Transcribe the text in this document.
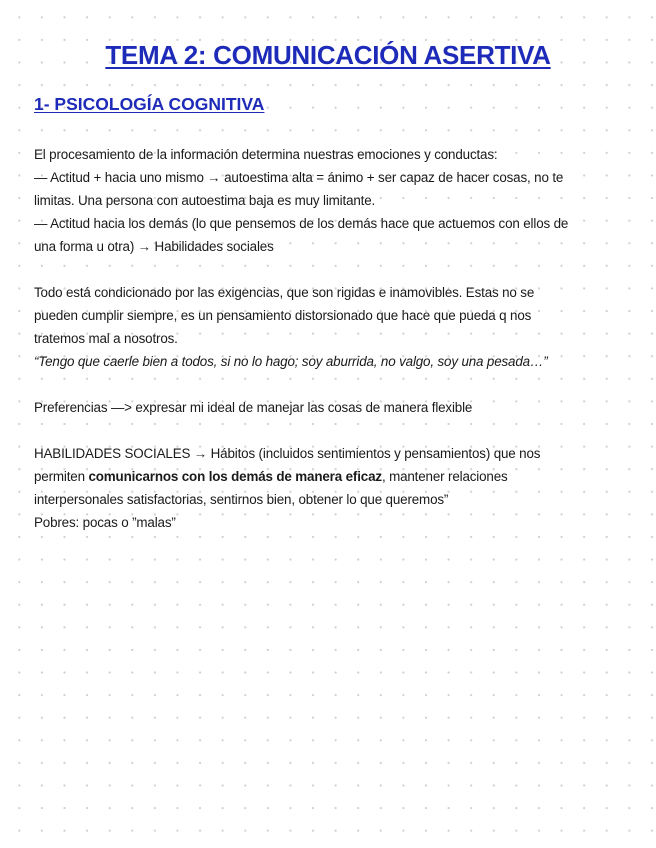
TEMA 2: COMUNICACIÓN ASERTIVA
1- PSICOLOGÍA COGNITIVA
El procesamiento de la información determina nuestras emociones y conductas:
— Actitud + hacia uno mismo → autoestima alta = ánimo + ser capaz de hacer cosas, no te
limitas. Una persona con autoestima baja es muy limitante.
— Actitud hacia los demás (lo que pensemos de los demás hace que actuemos con ellos de
una forma u otra) → Habilidades sociales
Todo está condicionado por las exigencias, que son rigidas e inamovibles. Estas no se
pueden cumplir siempre, es un pensamiento distorsionado que hace que pueda q nos
tratemos mal a nosotros.
“Tengo que caerle bien a todos, si no lo hago; soy aburrida, no valgo, soy una pesada…”
Preferencias —> expresar mi ideal de manejar las cosas de manera flexible
HABILIDADES SOCIALES → Hábitos (incluidos sentimientos y pensamientos) que nos
permiten comunicarnos con los demás de manera eficaz, mantener relaciones
interpersonales satisfactorias, sentirnos bien, obtener lo que queremos”
Pobres: pocas o ”malas”
